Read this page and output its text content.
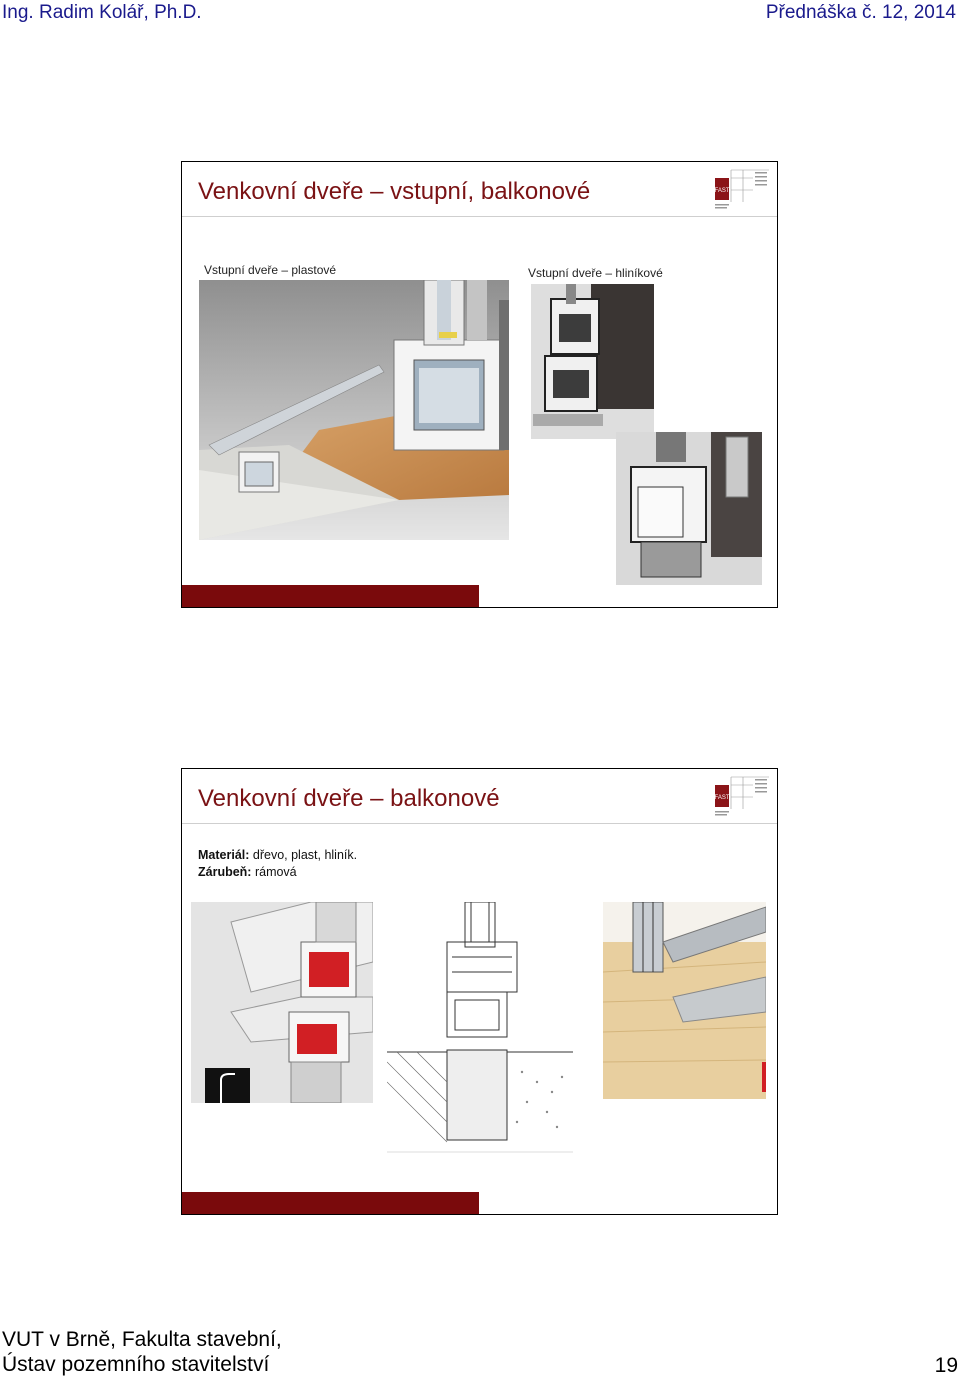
Ing. Radim Kolář, Ph.D.	Přednáška č. 12, 2014
Venkovní dveře – vstupní, balkonové	FAST
Vstupní dveře – plastové	Vstupní dveře – hliníkové
Venkovní dveře – balkonové	FAST
Materiál: dřevo, plast, hliník.
Zárubeň: rámová
VUT v Brně, Fakulta stavební,
Ústav pozemního stavitelství	19
